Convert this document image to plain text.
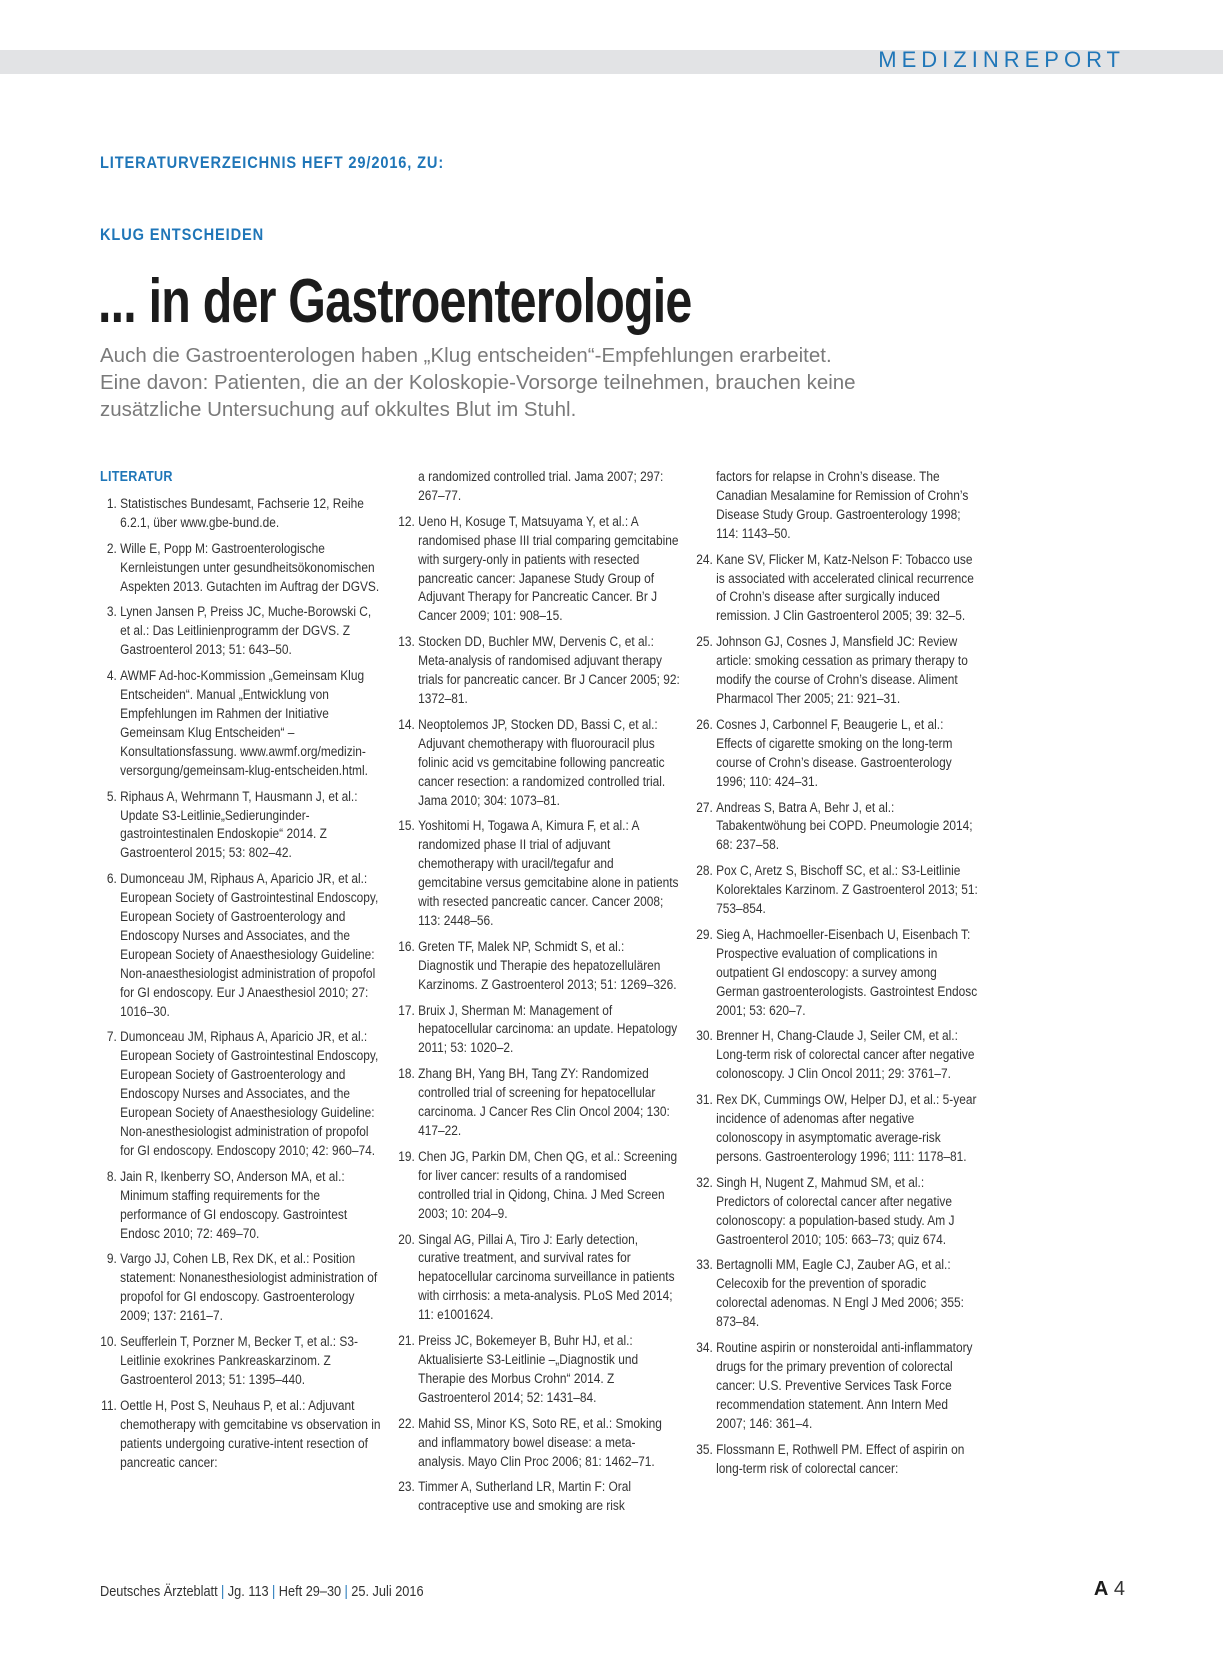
MEDIZINREPORT
LITERATURVERZEICHNIS HEFT 29/2016, ZU:
KLUG ENTSCHEIDEN
... in der Gastroenterologie
Auch die Gastroenterologen haben „Klug entscheiden“-Empfehlungen erarbeitet.
Eine davon: Patienten, die an der Koloskopie-Vorsorge teilnehmen, brauchen keine
zusätzliche Untersuchung auf okkultes Blut im Stuhl.
LITERATUR
1. Statistisches Bundesamt, Fachserie 12, Reihe 6.2.1, über www.gbe-bund.de.
2. Wille E, Popp M: Gastroenterologische Kernleistungen unter gesundheitsökonomischen Aspekten 2013. Gutachten im Auftrag der DGVS.
3. Lynen Jansen P, Preiss JC, Muche-Borowski C, et al.: Das Leitlinienprogramm der DGVS. Z Gastroenterol 2013; 51: 643–50.
4. AWMF Ad-hoc-Kommission „Gemeinsam Klug Entscheiden“. Manual „Entwicklung von Empfehlungen im Rahmen der Initiative Gemeinsam Klug Entscheiden“ – Konsultationsfassung. www.awmf.org/medizin-versorgung/gemeinsam-klug-entscheiden.html.
5. Riphaus A, Wehrmann T, Hausmann J, et al.: Update S3-Leitlinie„Sedierunginder-gastrointestinalen Endoskopie“ 2014. Z Gastroenterol 2015; 53: 802–42.
6. Dumonceau JM, Riphaus A, Aparicio JR, et al.: European Society of Gastrointestinal Endoscopy, European Society of Gastroenterology and Endoscopy Nurses and Associates, and the European Society of Anaesthesiology Guideline: Non-anaesthesiologist administration of propofol for GI endoscopy. Eur J Anaesthesiol 2010; 27: 1016–30.
7. Dumonceau JM, Riphaus A, Aparicio JR, et al.: European Society of Gastrointestinal Endoscopy, European Society of Gastroenterology and Endoscopy Nurses and Associates, and the European Society of Anaesthesiology Guideline: Non-anesthesiologist administration of propofol for GI endoscopy. Endoscopy 2010; 42: 960–74.
8. Jain R, Ikenberry SO, Anderson MA, et al.: Minimum staffing requirements for the performance of GI endoscopy. Gastrointest Endosc 2010; 72: 469–70.
9. Vargo JJ, Cohen LB, Rex DK, et al.: Position statement: Nonanesthesiologist administration of propofol for GI endoscopy. Gastroenterology 2009; 137: 2161–7.
10. Seufferlein T, Porzner M, Becker T, et al.: S3-Leitlinie exokrines Pankreaskarzinom. Z Gastroenterol 2013; 51: 1395–440.
11. Oettle H, Post S, Neuhaus P, et al.: Adjuvant chemotherapy with gemcitabine vs observation in patients undergoing curative-intent resection of pancreatic cancer:
a randomized controlled trial. Jama 2007; 297: 267–77.
12. Ueno H, Kosuge T, Matsuyama Y, et al.: A randomised phase III trial comparing gemcitabine with surgery-only in patients with resected pancreatic cancer: Japanese Study Group of Adjuvant Therapy for Pancreatic Cancer. Br J Cancer 2009; 101: 908–15.
13. Stocken DD, Buchler MW, Dervenis C, et al.: Meta-analysis of randomised adjuvant therapy trials for pancreatic cancer. Br J Cancer 2005; 92: 1372–81.
14. Neoptolemos JP, Stocken DD, Bassi C, et al.: Adjuvant chemotherapy with fluorouracil plus folinic acid vs gemcitabine following pancreatic cancer resection: a randomized controlled trial. Jama 2010; 304: 1073–81.
15. Yoshitomi H, Togawa A, Kimura F, et al.: A randomized phase II trial of adjuvant chemotherapy with uracil/tegafur and gemcitabine versus gemcitabine alone in patients with resected pancreatic cancer. Cancer 2008; 113: 2448–56.
16. Greten TF, Malek NP, Schmidt S, et al.: Diagnostik und Therapie des hepatozellulären Karzinoms. Z Gastroenterol 2013; 51: 1269–326.
17. Bruix J, Sherman M: Management of hepatocellular carcinoma: an update. Hepatology 2011; 53: 1020–2.
18. Zhang BH, Yang BH, Tang ZY: Randomized controlled trial of screening for hepatocellular carcinoma. J Cancer Res Clin Oncol 2004; 130: 417–22.
19. Chen JG, Parkin DM, Chen QG, et al.: Screening for liver cancer: results of a randomised controlled trial in Qidong, China. J Med Screen 2003; 10: 204–9.
20. Singal AG, Pillai A, Tiro J: Early detection, curative treatment, and survival rates for hepatocellular carcinoma surveillance in patients with cirrhosis: a meta-analysis. PLoS Med 2014; 11: e1001624.
21. Preiss JC, Bokemeyer B, Buhr HJ, et al.: Aktualisierte S3-Leitlinie –„Diagnostik und Therapie des Morbus Crohn“ 2014. Z Gastroenterol 2014; 52: 1431–84.
22. Mahid SS, Minor KS, Soto RE, et al.: Smoking and inflammatory bowel disease: a meta-analysis. Mayo Clin Proc 2006; 81: 1462–71.
23. Timmer A, Sutherland LR, Martin F: Oral contraceptive use and smoking are risk
factors for relapse in Crohn’s disease. The Canadian Mesalamine for Remission of Crohn’s Disease Study Group. Gastroenterology 1998; 114: 1143–50.
24. Kane SV, Flicker M, Katz-Nelson F: Tobacco use is associated with accelerated clinical recurrence of Crohn’s disease after surgically induced remission. J Clin Gastroenterol 2005; 39: 32–5.
25. Johnson GJ, Cosnes J, Mansfield JC: Review article: smoking cessation as primary therapy to modify the course of Crohn’s disease. Aliment Pharmacol Ther 2005; 21: 921–31.
26. Cosnes J, Carbonnel F, Beaugerie L, et al.: Effects of cigarette smoking on the long-term course of Crohn’s disease. Gastroenterology 1996; 110: 424–31.
27. Andreas S, Batra A, Behr J, et al.: Tabakentwöhung bei COPD. Pneumologie 2014; 68: 237–58.
28. Pox C, Aretz S, Bischoff SC, et al.: S3-Leitlinie Kolorektales Karzinom. Z Gastroenterol 2013; 51: 753–854.
29. Sieg A, Hachmoeller-Eisenbach U, Eisenbach T: Prospective evaluation of complications in outpatient GI endoscopy: a survey among German gastroenterologists. Gastrointest Endosc 2001; 53: 620–7.
30. Brenner H, Chang-Claude J, Seiler CM, et al.: Long-term risk of colorectal cancer after negative colonoscopy. J Clin Oncol 2011; 29: 3761–7.
31. Rex DK, Cummings OW, Helper DJ, et al.: 5-year incidence of adenomas after negative colonoscopy in asymptomatic average-risk persons. Gastroenterology 1996; 111: 1178–81.
32. Singh H, Nugent Z, Mahmud SM, et al.: Predictors of colorectal cancer after negative colonoscopy: a population-based study. Am J Gastroenterol 2010; 105: 663–73; quiz 674.
33. Bertagnolli MM, Eagle CJ, Zauber AG, et al.: Celecoxib for the prevention of sporadic colorectal adenomas. N Engl J Med 2006; 355: 873–84.
34. Routine aspirin or nonsteroidal anti-inflammatory drugs for the primary prevention of colorectal cancer: U.S. Preventive Services Task Force recommendation statement. Ann Intern Med 2007; 146: 361–4.
35. Flossmann E, Rothwell PM. Effect of aspirin on long-term risk of colorectal cancer:
Deutsches Ärzteblatt | Jg. 113 | Heft 29–30 | 25. Juli 2016	A 4
